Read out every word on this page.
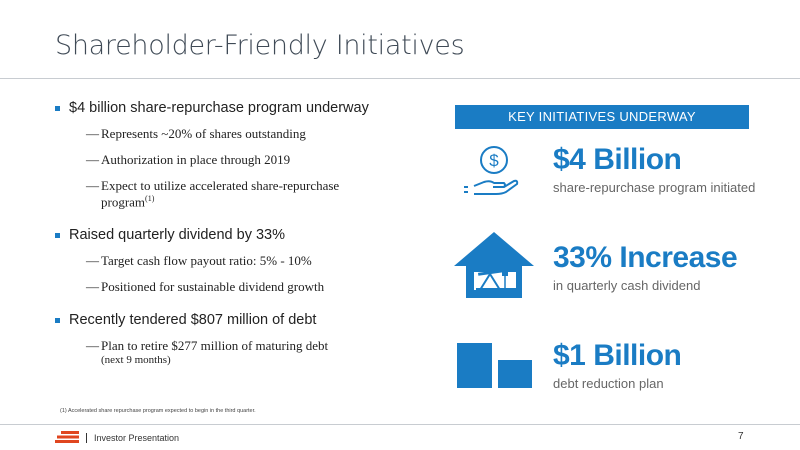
Shareholder-Friendly Initiatives
$4 billion share-repurchase program underway
— Represents ~20% of shares outstanding
— Authorization in place through 2019
— Expect to utilize accelerated share-repurchase
program$^{(1)}$
Raised quarterly dividend by 33%
— Target cash flow payout ratio: 5% - 10%
— Positioned for sustainable dividend growth
Recently tendered $807 million of debt
— Plan to retire $277 million of maturing debt
(next 9 months)
KEY INITIATIVES UNDERWAY
$ $4 Billion
share-repurchase program initiated
33% Increase
in quarterly cash dividend
$1 Billion
debt reduction plan
(1) Accelerated share repurchase program expected to begin in the third quarter.
Investor Presentation	7
